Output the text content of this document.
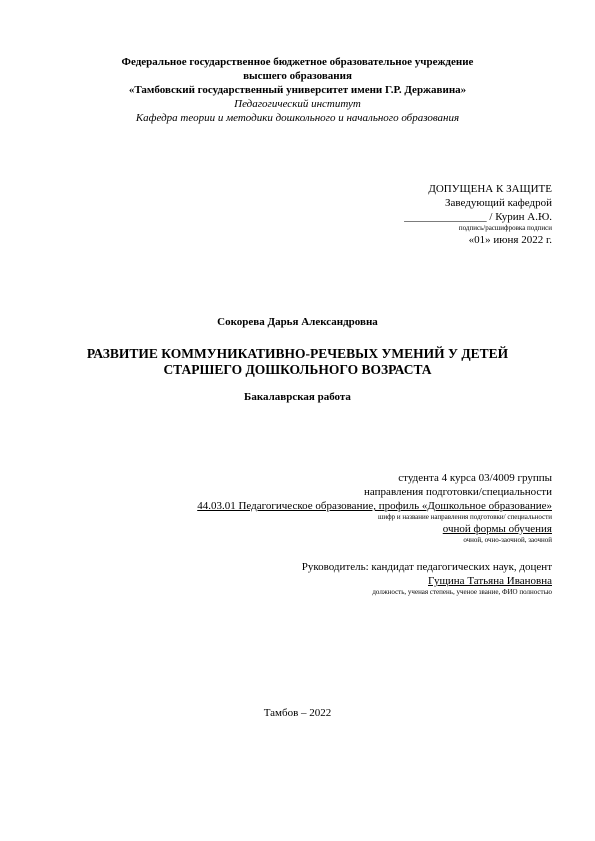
Федеральное государственное бюджетное образовательное учреждение
высшего образования
«Тамбовский государственный университет имени Г.Р. Державина»
Педагогический институт
Кафедра теории и методики дошкольного и начального образования
ДОПУЩЕНА К ЗАЩИТЕ
Заведующий кафедрой
_______________ / Курин А.Ю.
подпись/расшифровка подписи
«01» июня 2022 г.
Сокорева Дарья Александровна
РАЗВИТИЕ КОММУНИКАТИВНО-РЕЧЕВЫХ УМЕНИЙ У ДЕТЕЙ
СТАРШЕГО ДОШКОЛЬНОГО ВОЗРАСТА
Бакалаврская работа
студента 4 курса 03/4009 группы
направления подготовки/специальности
44.03.01 Педагогическое образование, профиль «Дошкольное образование»
шифр и название направления подготовки/ специальности
очной формы обучения
очной, очно-заочной, заочной
Руководитель: кандидат педагогических наук, доцент
Гущина Татьяна Ивановна
должность, ученая степень, ученое звание, ФИО полностью
Тамбов – 2022
